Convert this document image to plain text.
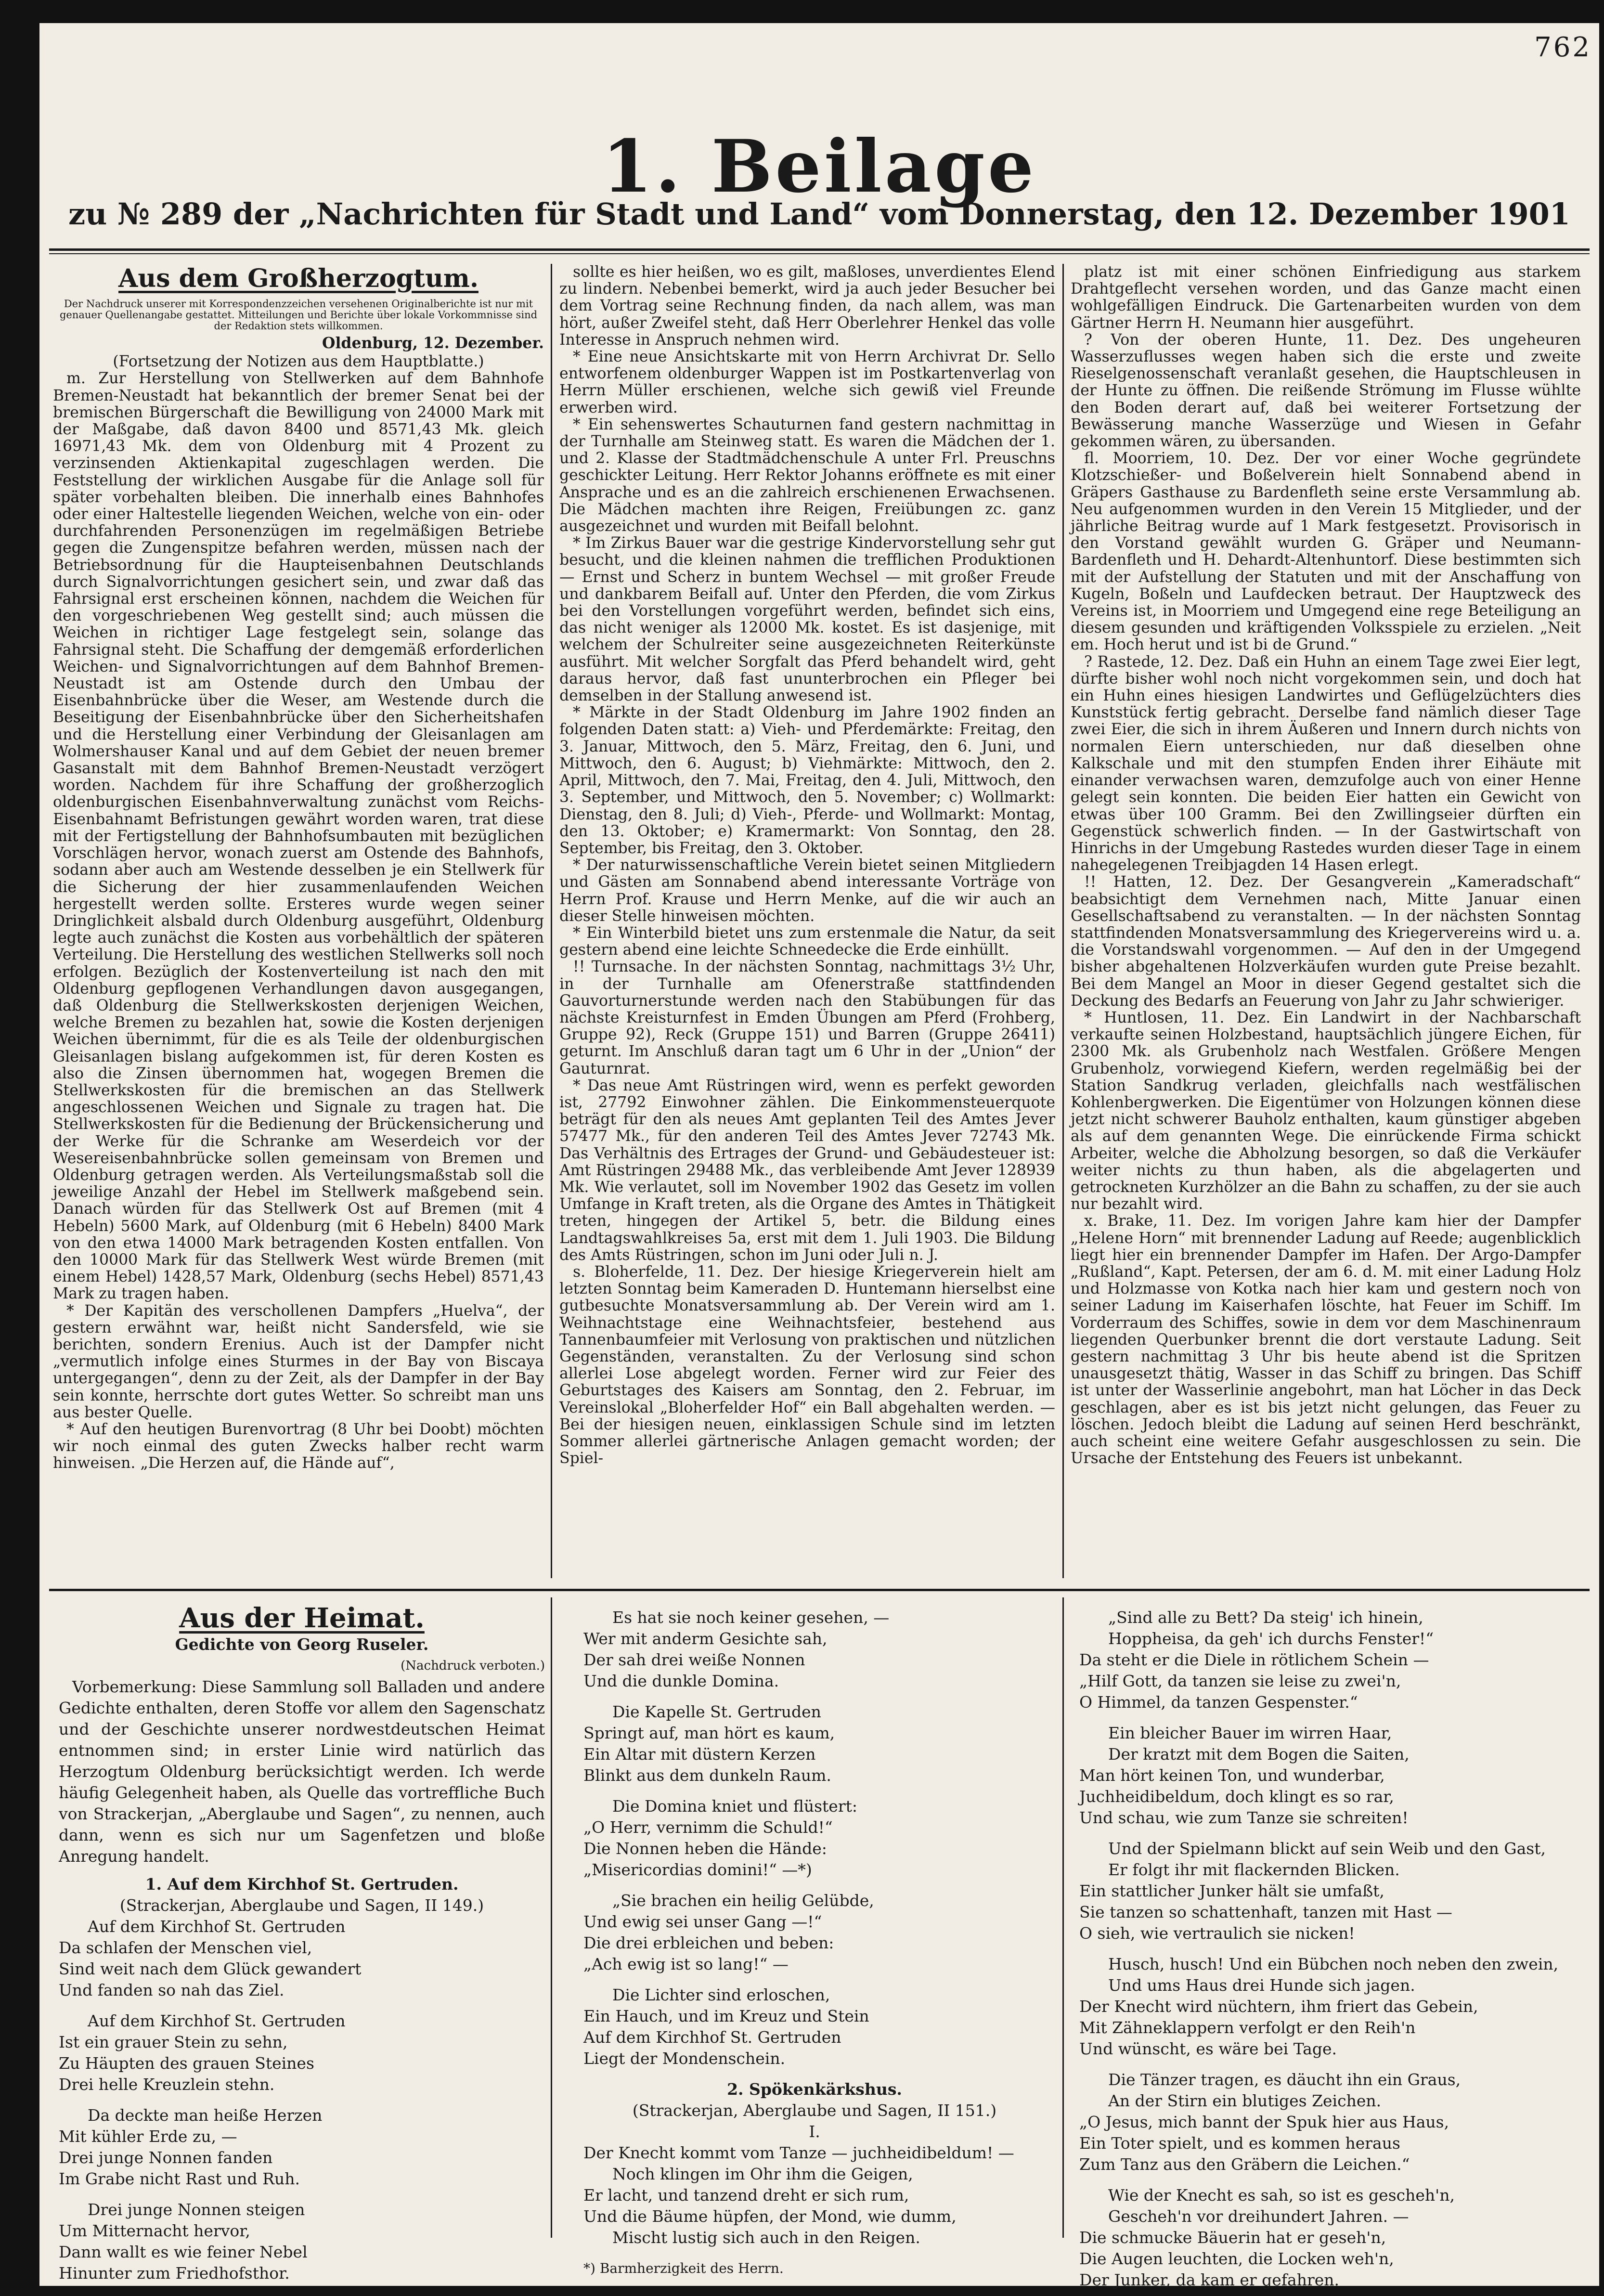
762
1. Beilage
zu № 289 der „Nachrichten für Stadt und Land“ vom Donnerstag, den 12. Dezember 1901
Aus dem Großherzogtum.
Der Nachdruck unserer mit Korrespondenzzeichen versehenen Originalberichte ist nur mit genauer Quellenangabe gestattet. Mitteilungen und Berichte über lokale Vorkommnisse sind der Redaktion stets willkommen.
Oldenburg, 12. Dezember.
(Fortsetzung der Notizen aus dem Hauptblatte.)

m. Zur Herstellung von Stellwerken auf dem Bahnhofe Bremen-Neustadt hat bekanntlich der bremer Senat bei der bremischen Bürgerschaft die Bewilligung von 24000 Mark mit der Maßgabe, daß davon 8400 und 8571,43 Mk. gleich 16971,43 Mk. dem von Oldenburg mit 4 Prozent zu verzinsenden Aktienkapital zugeschlagen werden. Die Feststellung der wirklichen Ausgabe für die Anlage soll für später vorbehalten bleiben. Die innerhalb eines Bahnhofes oder einer Haltestelle liegenden Weichen, welche von ein- oder durchfahrenden Personenzügen im regelmäßigen Betriebe gegen die Zungenspitze befahren werden, müssen nach der Betriebsordnung für die Haupteisenbahnen Deutschlands durch Signalvorrichtungen gesichert sein, und zwar daß das Fahrsignal erst erscheinen können, nachdem die Weichen für den vorgeschriebenen Weg gestellt sind; auch müssen die Weichen in richtiger Lage festgelegt sein, solange das Fahrsignal steht. Die Schaffung der demgemäß erforderlichen Weichen- und Signalvorrichtungen auf dem Bahnhof Bremen-Neustadt ist am Ostende durch den Umbau der Eisenbahnbrücke über die Weser, am Westende durch die Beseitigung der Eisenbahnbrücke über den Sicherheitshafen und die Herstellung einer Verbindung der Gleisanlagen am Wolmershauser Kanal und auf dem Gebiet der neuen bremer Gasanstalt mit dem Bahnhof Bremen-Neustadt verzögert worden. Nachdem für ihre Schaffung der großherzoglich oldenburgischen Eisenbahnverwaltung zunächst vom Reichs-Eisenbahnamt Befristungen gewährt worden waren, trat diese mit der Fertigstellung der Bahnhofsumbauten mit bezüglichen Vorschlägen hervor, wonach zuerst am Ostende des Bahnhofs, sodann aber auch am Westende desselben je ein Stellwerk für die Sicherung der hier zusammenlaufenden Weichen hergestellt werden sollte. Ersteres wurde wegen seiner Dringlichkeit alsbald durch Oldenburg ausgeführt, Oldenburg legte auch zunächst die Kosten aus vorbehältlich der späteren Verteilung. Die Herstellung des westlichen Stellwerks soll noch erfolgen. Bezüglich der Kostenverteilung ist nach den mit Oldenburg gepflogenen Verhandlungen davon ausgegangen, daß Oldenburg die Stellwerkskosten derjenigen Weichen, welche Bremen zu bezahlen hat, sowie die Kosten derjenigen Weichen übernimmt, für die es als Teile der oldenburgischen Gleisanlagen bislang aufgekommen ist, für deren Kosten es also die Zinsen übernommen hat, wogegen Bremen die Stellwerkskosten für die bremischen an das Stellwerk angeschlossenen Weichen und Signale zu tragen hat. Die Stellwerkskosten für die Bedienung der Brückensicherung und der Werke für die Schranke am Weserdeich vor der Wesereisenbahnbrücke sollen gemeinsam von Bremen und Oldenburg getragen werden. Als Verteilungsmaßstab soll die jeweilige Anzahl der Hebel im Stellwerk maßgebend sein. Danach würden für das Stellwerk Ost auf Bremen (mit 4 Hebeln) 5600 Mark, auf Oldenburg (mit 6 Hebeln) 8400 Mark von den etwa 14000 Mark betragenden Kosten entfallen. Von den 10000 Mark für das Stellwerk West würde Bremen (mit einem Hebel) 1428,57 Mark, Oldenburg (sechs Hebel) 8571,43 Mark zu tragen haben.

* Der Kapitän des verschollenen Dampfers „Huelva“, der gestern erwähnt war, heißt nicht Sandersfeld, wie sie berichten, sondern Erenius. Auch ist der Dampfer nicht „vermutlich infolge eines Sturmes in der Bay von Biscaya untergegangen“, denn zu der Zeit, als der Dampfer in der Bay sein konnte, herrschte dort gutes Wetter. So schreibt man uns aus bester Quelle.

* Auf den heutigen Burenvortrag (8 Uhr bei Doobt) möchten wir noch einmal des guten Zwecks halber recht warm hinweisen. „Die Herzen auf, die Hände auf“,

sollte es hier heißen, wo es gilt, maßloses, unverdientes Elend zu lindern. Nebenbei bemerkt, wird ja auch jeder Besucher bei dem Vortrag seine Rechnung finden, da nach allem, was man hört, außer Zweifel steht, daß Herr Oberlehrer Henkel das volle Interesse in Anspruch nehmen wird.

* Eine neue Ansichtskarte mit von Herrn Archivrat Dr. Sello entworfenem oldenburger Wappen ist im Postkartenverlag von Herrn Müller erschienen, welche sich gewiß viel Freunde erwerben wird.

* Ein sehenswertes Schauturnen fand gestern nachmittag in der Turnhalle am Steinweg statt. Es waren die Mädchen der 1. und 2. Klasse der Stadtmädchenschule A unter Frl. Preuschns geschickter Leitung. Herr Rektor Johanns eröffnete es mit einer Ansprache und es an die zahlreich erschienenen Erwachsenen. Die Mädchen machten ihre Reigen, Freiübungen zc. ganz ausgezeichnet und wurden mit Beifall belohnt.

* Im Zirkus Bauer war die gestrige Kindervorstellung sehr gut besucht, und die kleinen nahmen die trefflichen Produktionen — Ernst und Scherz in buntem Wechsel — mit großer Freude und dankbarem Beifall auf. Unter den Pferden, die vom Zirkus bei den Vorstellungen vorgeführt werden, befindet sich eins, das nicht weniger als 12000 Mk. kostet. Es ist dasjenige, mit welchem der Schulreiter seine ausgezeichneten Reiterkünste ausführt. Mit welcher Sorgfalt das Pferd behandelt wird, geht daraus hervor, daß fast ununterbrochen ein Pfleger bei demselben in der Stallung anwesend ist.

* Märkte in der Stadt Oldenburg im Jahre 1902 finden an folgenden Daten statt: a) Vieh- und Pferdemärkte: Freitag, den 3. Januar, Mittwoch, den 5. März, Freitag, den 6. Juni, und Mittwoch, den 6. August; b) Viehmärkte: Mittwoch, den 2. April, Mittwoch, den 7. Mai, Freitag, den 4. Juli, Mittwoch, den 3. September, und Mittwoch, den 5. November; c) Wollmarkt: Dienstag, den 8. Juli; d) Vieh-, Pferde- und Wollmarkt: Montag, den 13. Oktober; e) Kramermarkt: Von Sonntag, den 28. September, bis Freitag, den 3. Oktober.

* Der naturwissenschaftliche Verein bietet seinen Mitgliedern und Gästen am Sonnabend abend interessante Vorträge von Herrn Prof. Krause und Herrn Menke, auf die wir auch an dieser Stelle hinweisen möchten.

* Ein Winterbild bietet uns zum erstenmale die Natur, da seit gestern abend eine leichte Schneedecke die Erde einhüllt.

!! Turnsache. In der nächsten Sonntag, nachmittags 3½ Uhr, in der Turnhalle am Ofenerstraße stattfindenden Gauvorturnerstunde werden nach den Stabübungen für das nächste Kreisturnfest in Emden Übungen am Pferd (Frohberg, Gruppe 92), Reck (Gruppe 151) und Barren (Gruppe 26411) geturnt. Im Anschluß daran tagt um 6 Uhr in der „Union“ der Gauturnrat.

* Das neue Amt Rüstringen wird, wenn es perfekt geworden ist, 27792 Einwohner zählen. Die Einkommensteuerquote beträgt für den als neues Amt geplanten Teil des Amtes Jever 57477 Mk., für den anderen Teil des Amtes Jever 72743 Mk. Das Verhältnis des Ertrages der Grund- und Gebäudesteuer ist: Amt Rüstringen 29488 Mk., das verbleibende Amt Jever 128939 Mk. Wie verlautet, soll im November 1902 das Gesetz im vollen Umfange in Kraft treten, als die Organe des Amtes in Thätigkeit treten, hingegen der Artikel 5, betr. die Bildung eines Landtagswahlkreises 5a, erst mit dem 1. Juli 1903. Die Bildung des Amts Rüstringen, schon im Juni oder Juli n. J.

s. Bloherfelde, 11. Dez. Der hiesige Kriegerverein hielt am letzten Sonntag beim Kameraden D. Huntemann hierselbst eine gutbesuchte Monatsversammlung ab. Der Verein wird am 1. Weihnachtstage eine Weihnachtsfeier, bestehend aus Tannenbaumfeier mit Verlosung von praktischen und nützlichen Gegenständen, veranstalten. Zu der Verlosung sind schon allerlei Lose abgelegt worden. Ferner wird zur Feier des Geburtstages des Kaisers am Sonntag, den 2. Februar, im Vereinslokal „Bloherfelder Hof“ ein Ball abgehalten werden. — Bei der hiesigen neuen, einklassigen Schule sind im letzten Sommer allerlei gärtnerische Anlagen gemacht worden; der Spiel-

platz ist mit einer schönen Einfriedigung aus starkem Drahtgeflecht versehen worden, und das Ganze macht einen wohlgefälligen Eindruck. Die Gartenarbeiten wurden von dem Gärtner Herrn H. Neumann hier ausgeführt.

? Von der oberen Hunte, 11. Dez. Des ungeheuren Wasserzuflusses wegen haben sich die erste und zweite Rieselgenossenschaft veranlaßt gesehen, die Hauptschleusen in der Hunte zu öffnen. Die reißende Strömung im Flusse wühlte den Boden derart auf, daß bei weiterer Fortsetzung der Bewässerung manche Wasserzüge und Wiesen in Gefahr gekommen wären, zu übersanden.

fl. Moorriem, 10. Dez. Der vor einer Woche gegründete Klotzschießer- und Boßelverein hielt Sonnabend abend in Gräpers Gasthause zu Bardenfleth seine erste Versammlung ab. Neu aufgenommen wurden in den Verein 15 Mitglieder, und der jährliche Beitrag wurde auf 1 Mark festgesetzt. Provisorisch in den Vorstand gewählt wurden G. Gräper und Neumann-Bardenfleth und H. Dehardt-Altenhuntorf. Diese bestimmten sich mit der Aufstellung der Statuten und mit der Anschaffung von Kugeln, Boßeln und Laufdecken betraut. Der Hauptzweck des Vereins ist, in Moorriem und Umgegend eine rege Beteiligung an diesem gesunden und kräftigenden Volksspiele zu erzielen. „Neit em. Hoch herut und ist bi de Grund.“

? Rastede, 12. Dez. Daß ein Huhn an einem Tage zwei Eier legt, dürfte bisher wohl noch nicht vorgekommen sein, und doch hat ein Huhn eines hiesigen Landwirtes und Geflügelzüchters dies Kunststück fertig gebracht. Derselbe fand nämlich dieser Tage zwei Eier, die sich in ihrem Äußeren und Innern durch nichts von normalen Eiern unterschieden, nur daß dieselben ohne Kalkschale und mit den stumpfen Enden ihrer Eihäute mit einander verwachsen waren, demzufolge auch von einer Henne gelegt sein konnten. Die beiden Eier hatten ein Gewicht von etwas über 100 Gramm. Bei den Zwillingseier dürften ein Gegenstück schwerlich finden. — In der Gastwirtschaft von Hinrichs in der Umgebung Rastedes wurden dieser Tage in einem nahegelegenen Treibjagden 14 Hasen erlegt.

!! Hatten, 12. Dez. Der Gesangverein „Kameradschaft“ beabsichtigt dem Vernehmen nach, Mitte Januar einen Gesellschaftsabend zu veranstalten. — In der nächsten Sonntag stattfindenden Monatsversammlung des Kriegervereins wird u. a. die Vorstandswahl vorgenommen. — Auf den in der Umgegend bisher abgehaltenen Holzverkäufen wurden gute Preise bezahlt. Bei dem Mangel an Moor in dieser Gegend gestaltet sich die Deckung des Bedarfs an Feuerung von Jahr zu Jahr schwieriger.

* Huntlosen, 11. Dez. Ein Landwirt in der Nachbarschaft verkaufte seinen Holzbestand, hauptsächlich jüngere Eichen, für 2300 Mk. als Grubenholz nach Westfalen. Größere Mengen Grubenholz, vorwiegend Kiefern, werden regelmäßig bei der Station Sandkrug verladen, gleichfalls nach westfälischen Kohlenbergwerken. Die Eigentümer von Holzungen können diese jetzt nicht schwerer Bauholz enthalten, kaum günstiger abgeben als auf dem genannten Wege. Die einrückende Firma schickt Arbeiter, welche die Abholzung besorgen, so daß die Verkäufer weiter nichts zu thun haben, als die abgelagerten und getrockneten Kurzhölzer an die Bahn zu schaffen, zu der sie auch nur bezahlt wird.

x. Brake, 11. Dez. Im vorigen Jahre kam hier der Dampfer „Helene Horn“ mit brennender Ladung auf Reede; augenblicklich liegt hier ein brennender Dampfer im Hafen. Der Argo-Dampfer „Rußland“, Kapt. Petersen, der am 6. d. M. mit einer Ladung Holz und Holzmasse von Kotka nach hier kam und gestern noch von seiner Ladung im Kaiserhafen löschte, hat Feuer im Schiff. Im Vorderraum des Schiffes, sowie in dem vor dem Maschinenraum liegenden Querbunker brennt die dort verstaute Ladung. Seit gestern nachmittag 3 Uhr bis heute abend ist die Spritzen unausgesetzt thätig, Wasser in das Schiff zu bringen. Das Schiff ist unter der Wasserlinie angebohrt, man hat Löcher in das Deck geschlagen, aber es ist bis jetzt nicht gelungen, das Feuer zu löschen. Jedoch bleibt die Ladung auf seinen Herd beschränkt, auch scheint eine weitere Gefahr ausgeschlossen zu sein. Die Ursache der Entstehung des Feuers ist unbekannt.

Aus der Heimat.
Gedichte von Georg Ruseler.
(Nachdruck verboten.)
Vorbemerkung: Diese Sammlung soll Balladen und andere Gedichte enthalten, deren Stoffe vor allem den Sagenschatz und der Geschichte unserer nordwestdeutschen Heimat entnommen sind; in erster Linie wird natürlich das Herzogtum Oldenburg berücksichtigt werden. Ich werde häufig Gelegenheit haben, als Quelle das vortreffliche Buch von Strackerjan, „Aberglaube und Sagen“, zu nennen, auch dann, wenn es sich nur um Sagenfetzen und bloße Anregung handelt.
1. Auf dem Kirchhof St. Gertruden.
(Strackerjan, Aberglaube und Sagen, II 149.)
Auf dem Kirchhof St. Gertruden
Da schlafen der Menschen viel,
Sind weit nach dem Glück gewandert
Und fanden so nah das Ziel.
Auf dem Kirchhof St. Gertruden
Ist ein grauer Stein zu sehn,
Zu Häupten des grauen Steines
Drei helle Kreuzlein stehn.
Da deckte man heiße Herzen
Mit kühler Erde zu, —
Drei junge Nonnen fanden
Im Grabe nicht Rast und Ruh.
Drei junge Nonnen steigen
Um Mitternacht hervor,
Dann wallt es wie feiner Nebel
Hinunter zum Friedhofsthor.
Es hat sie noch keiner gesehen, —
Wer mit anderm Gesichte sah,
Der sah drei weiße Nonnen
Und die dunkle Domina.
Die Kapelle St. Gertruden
Springt auf, man hört es kaum,
Ein Altar mit düstern Kerzen
Blinkt aus dem dunkeln Raum.
Die Domina kniet und flüstert:
„O Herr, vernimm die Schuld!“
Die Nonnen heben die Hände:
„Misericordias domini!“ —*)
„Sie brachen ein heilig Gelübde,
Und ewig sei unser Gang —!“
Die drei erbleichen und beben:
„Ach ewig ist so lang!“ —
Die Lichter sind erloschen,
Ein Hauch, und im Kreuz und Stein
Auf dem Kirchhof St. Gertruden
Liegt der Mondenschein.
2. Spökenkärkshus.
(Strackerjan, Aberglaube und Sagen, II 151.)
I.
Der Knecht kommt vom Tanze — juchheidibeldum! —
Noch klingen im Ohr ihm die Geigen,
Er lacht, und tanzend dreht er sich rum,
Und die Bäume hüpfen, der Mond, wie dumm,
Mischt lustig sich auch in den Reigen.
*) Barmherzigkeit des Herrn.
„Sind alle zu Bett? Da steig' ich hinein,
Hoppheisa, da geh' ich durchs Fenster!“
Da steht er die Diele in rötlichem Schein —
„Hilf Gott, da tanzen sie leise zu zwei'n,
O Himmel, da tanzen Gespenster.“
Ein bleicher Bauer im wirren Haar,
Der kratzt mit dem Bogen die Saiten,
Man hört keinen Ton, und wunderbar,
Juchheidibeldum, doch klingt es so rar,
Und schau, wie zum Tanze sie schreiten!
Und der Spielmann blickt auf sein Weib und den Gast,
Er folgt ihr mit flackernden Blicken.
Ein stattlicher Junker hält sie umfaßt,
Sie tanzen so schattenhaft, tanzen mit Hast —
O sieh, wie vertraulich sie nicken!
Husch, husch! Und ein Bübchen noch neben den zwein,
Und ums Haus drei Hunde sich jagen.
Der Knecht wird nüchtern, ihm friert das Gebein,
Mit Zähneklappern verfolgt er den Reih'n
Und wünscht, es wäre bei Tage.
Die Tänzer tragen, es däucht ihn ein Graus,
An der Stirn ein blutiges Zeichen.
„O Jesus, mich bannt der Spuk hier aus Haus,
Ein Toter spielt, und es kommen heraus
Zum Tanz aus den Gräbern die Leichen.“
Wie der Knecht es sah, so ist es gescheh'n,
Gescheh'n vor dreihundert Jahren. —
Die schmucke Bäuerin hat er geseh'n,
Die Augen leuchten, die Locken weh'n,
Der Junker, da kam er gefahren.
